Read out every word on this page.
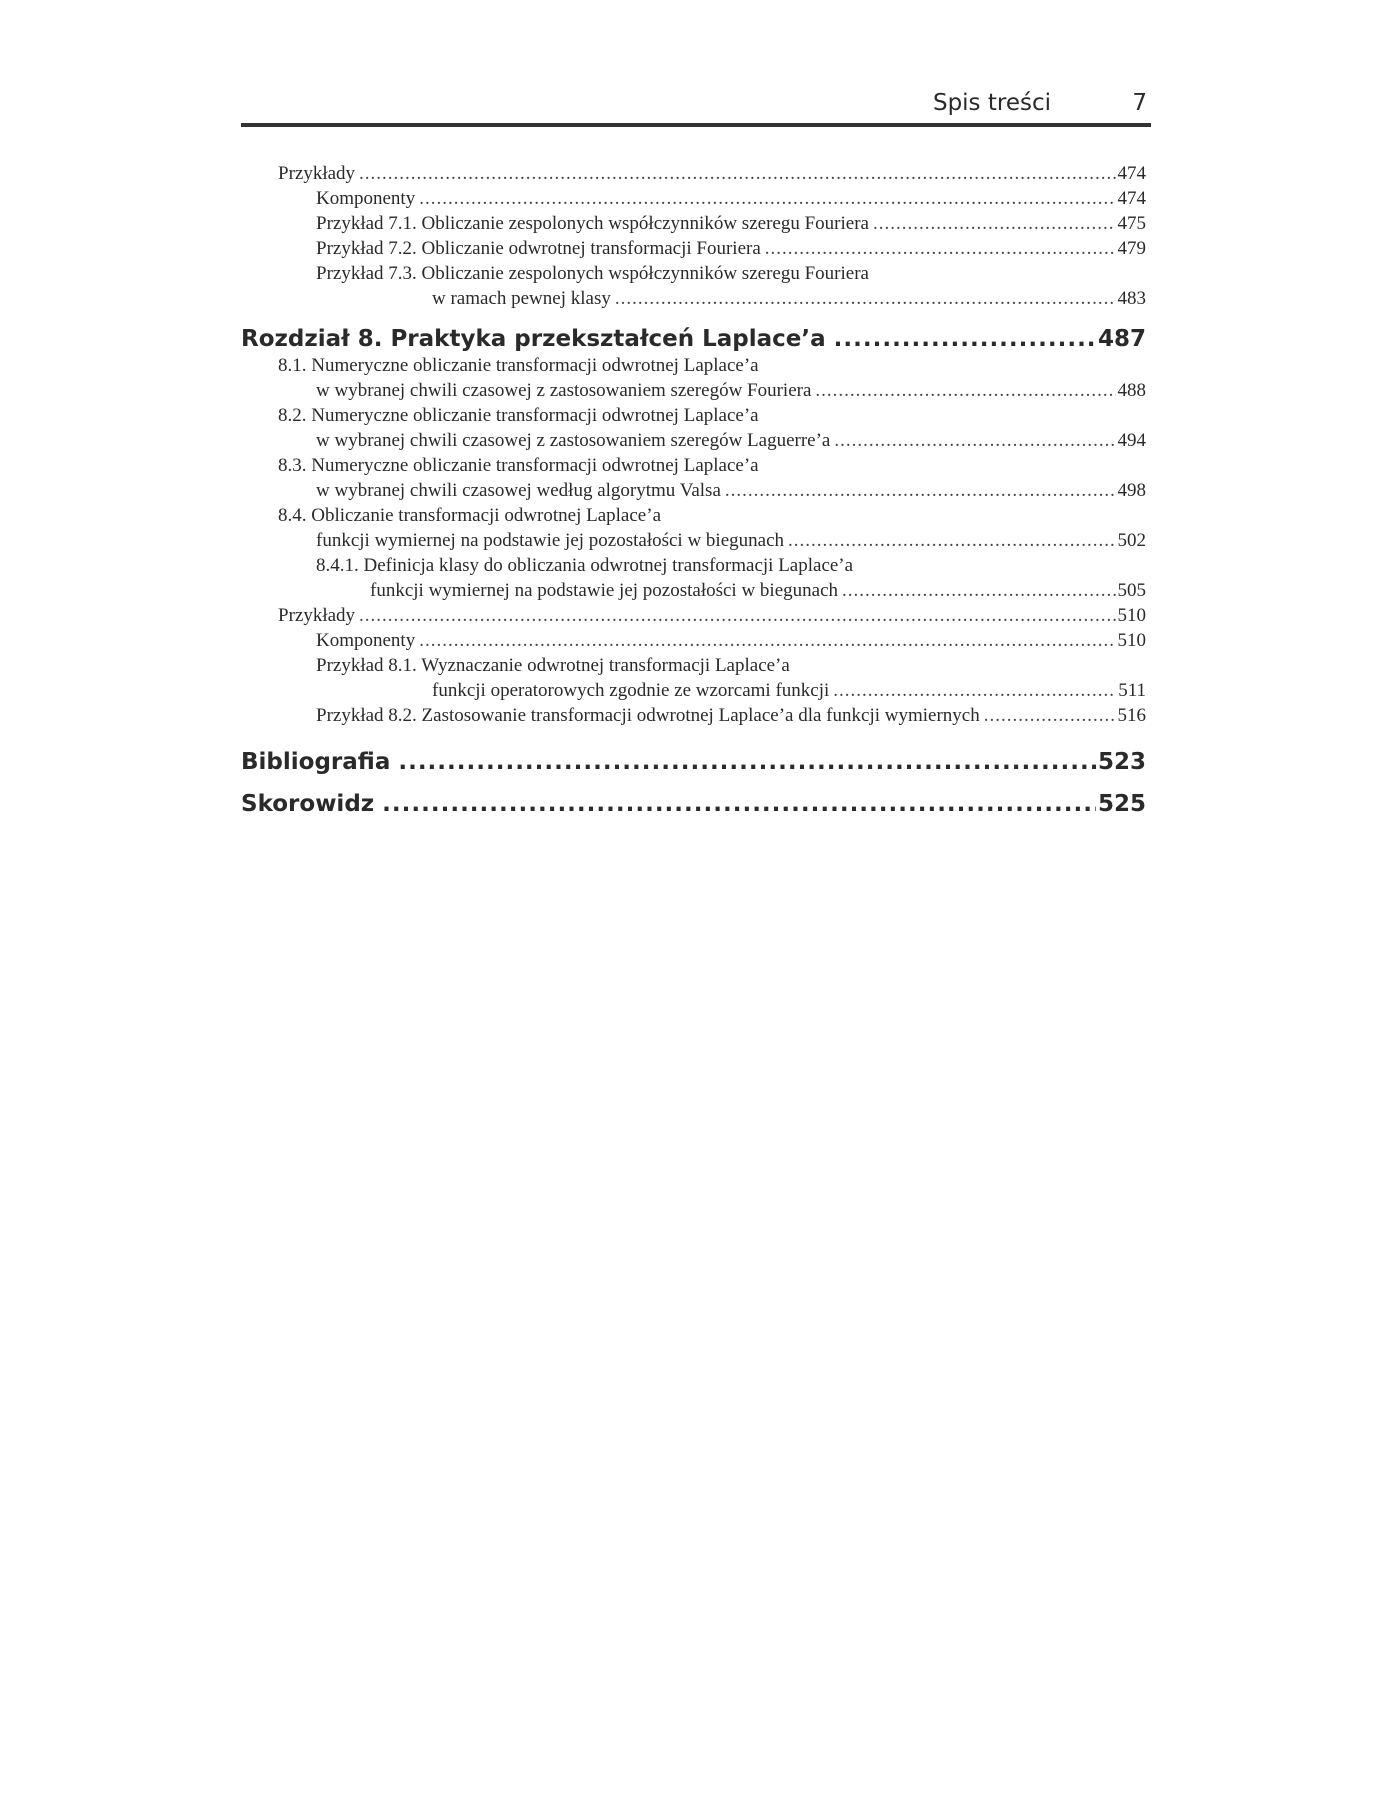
Spis treści	7
Przykłady .....	474
Komponenty .....	474
Przykład 7.1. Obliczanie zespolonych współczynników szeregu Fouriera .....	475
Przykład 7.2. Obliczanie odwrotnej transformacji Fouriera .....	479
Przykład 7.3. Obliczanie zespolonych współczynników szeregu Fouriera
w ramach pewnej klasy .....	483
Rozdział 8. Praktyka przekształceń Laplace’a .....	487
8.1. Numeryczne obliczanie transformacji odwrotnej Laplace’a
w wybranej chwili czasowej z zastosowaniem szeregów Fouriera .....	488
8.2. Numeryczne obliczanie transformacji odwrotnej Laplace’a
w wybranej chwili czasowej z zastosowaniem szeregów Laguerre’a .....	494
8.3. Numeryczne obliczanie transformacji odwrotnej Laplace’a
w wybranej chwili czasowej według algorytmu Valsa .....	498
8.4. Obliczanie transformacji odwrotnej Laplace’a
funkcji wymiernej na podstawie jej pozostałości w biegunach .....	502
8.4.1. Definicja klasy do obliczania odwrotnej transformacji Laplace’a
funkcji wymiernej na podstawie jej pozostałości w biegunach .....	505
Przykłady .....	510
Komponenty .....	510
Przykład 8.1. Wyznaczanie odwrotnej transformacji Laplace’a
funkcji operatorowych zgodnie ze wzorcami funkcji .....	511
Przykład 8.2. Zastosowanie transformacji odwrotnej Laplace’a dla funkcji wymiernych .....	516
Bibliografia .....	523
Skorowidz .....	525
